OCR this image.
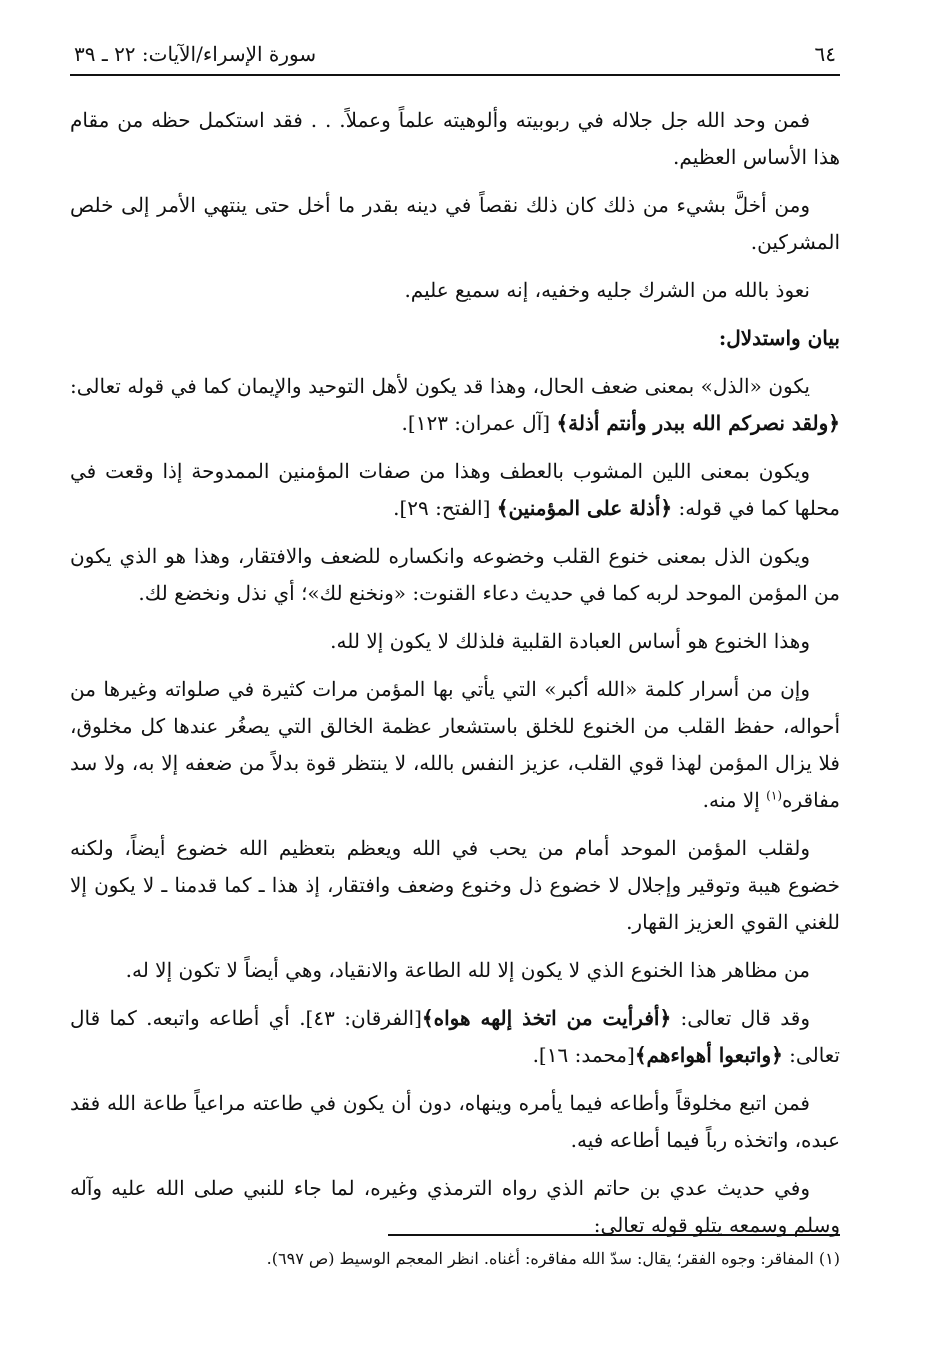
٦٤
سورة الإسراء/الآيات: ٢٢ ـ ٣٩

فمن وحد الله جل جلاله في ربوبيته وألوهيته علماً وعملاً. . . فقد استكمل حظه من مقام هذا الأساس العظيم.

ومن أخلَّ بشيء من ذلك كان ذلك نقصاً في دينه بقدر ما أخل حتى ينتهي الأمر إلى خلص المشركين.

نعوذ بالله من الشرك جليه وخفيه، إنه سميع عليم.

بيان واستدلال:

يكون «الذل» بمعنى ضعف الحال، وهذا قد يكون لأهل التوحيد والإيمان كما في قوله تعالى: ﴿ولقد نصركم الله ببدر وأنتم أذلة﴾ [آل عمران: ١٢٣].

ويكون بمعنى اللين المشوب بالعطف وهذا من صفات المؤمنين الممدوحة إذا وقعت في محلها كما في قوله: ﴿أذلة على المؤمنين﴾ [الفتح: ٢٩].

ويكون الذل بمعنى خنوع القلب وخضوعه وانكساره للضعف والافتقار، وهذا هو الذي يكون من المؤمن الموحد لربه كما في حديث دعاء القنوت: «ونخنع لك»؛ أي نذل ونخضع لك.

وهذا الخنوع هو أساس العبادة القلبية فلذلك لا يكون إلا لله.

وإن من أسرار كلمة «الله أكبر» التي يأتي بها المؤمن مرات كثيرة في صلواته وغيرها من أحواله، حفظ القلب من الخنوع للخلق باستشعار عظمة الخالق التي يصغُر عندها كل مخلوق، فلا يزال المؤمن لهذا قوي القلب، عزيز النفس بالله، لا ينتظر قوة بدلاً من ضعفه إلا به، ولا سد مفاقره$^{(١)}$ إلا منه.

ولقلب المؤمن الموحد أمام من يحب في الله ويعظم بتعظيم الله خضوع أيضاً، ولكنه خضوع هيبة وتوقير وإجلال لا خضوع ذل وخنوع وضعف وافتقار، إذ هذا ـ كما قدمنا ـ لا يكون إلا للغني القوي العزيز القهار.

من مظاهر هذا الخنوع الذي لا يكون إلا لله الطاعة والانقياد، وهي أيضاً لا تكون إلا له.

وقد قال تعالى: ﴿أفرأيت من اتخذ إلهه هواه﴾[الفرقان: ٤٣]. أي أطاعه واتبعه. كما قال تعالى: ﴿واتبعوا أهواءهم﴾[محمد: ١٦].

فمن اتبع مخلوقاً وأطاعه فيما يأمره وينهاه، دون أن يكون في طاعته مراعياً طاعة الله فقد عبده، واتخذه رباً فيما أطاعه فيه.

وفي حديث عدي بن حاتم الذي رواه الترمذي وغيره، لما جاء للنبي صلى الله عليه وآله وسلم وسمعه يتلو قوله تعالى:

(١) المفاقر: وجوه الفقر؛ يقال: سدّ الله مفاقره: أغناه. انظر المعجم الوسيط (ص ٦٩٧).
